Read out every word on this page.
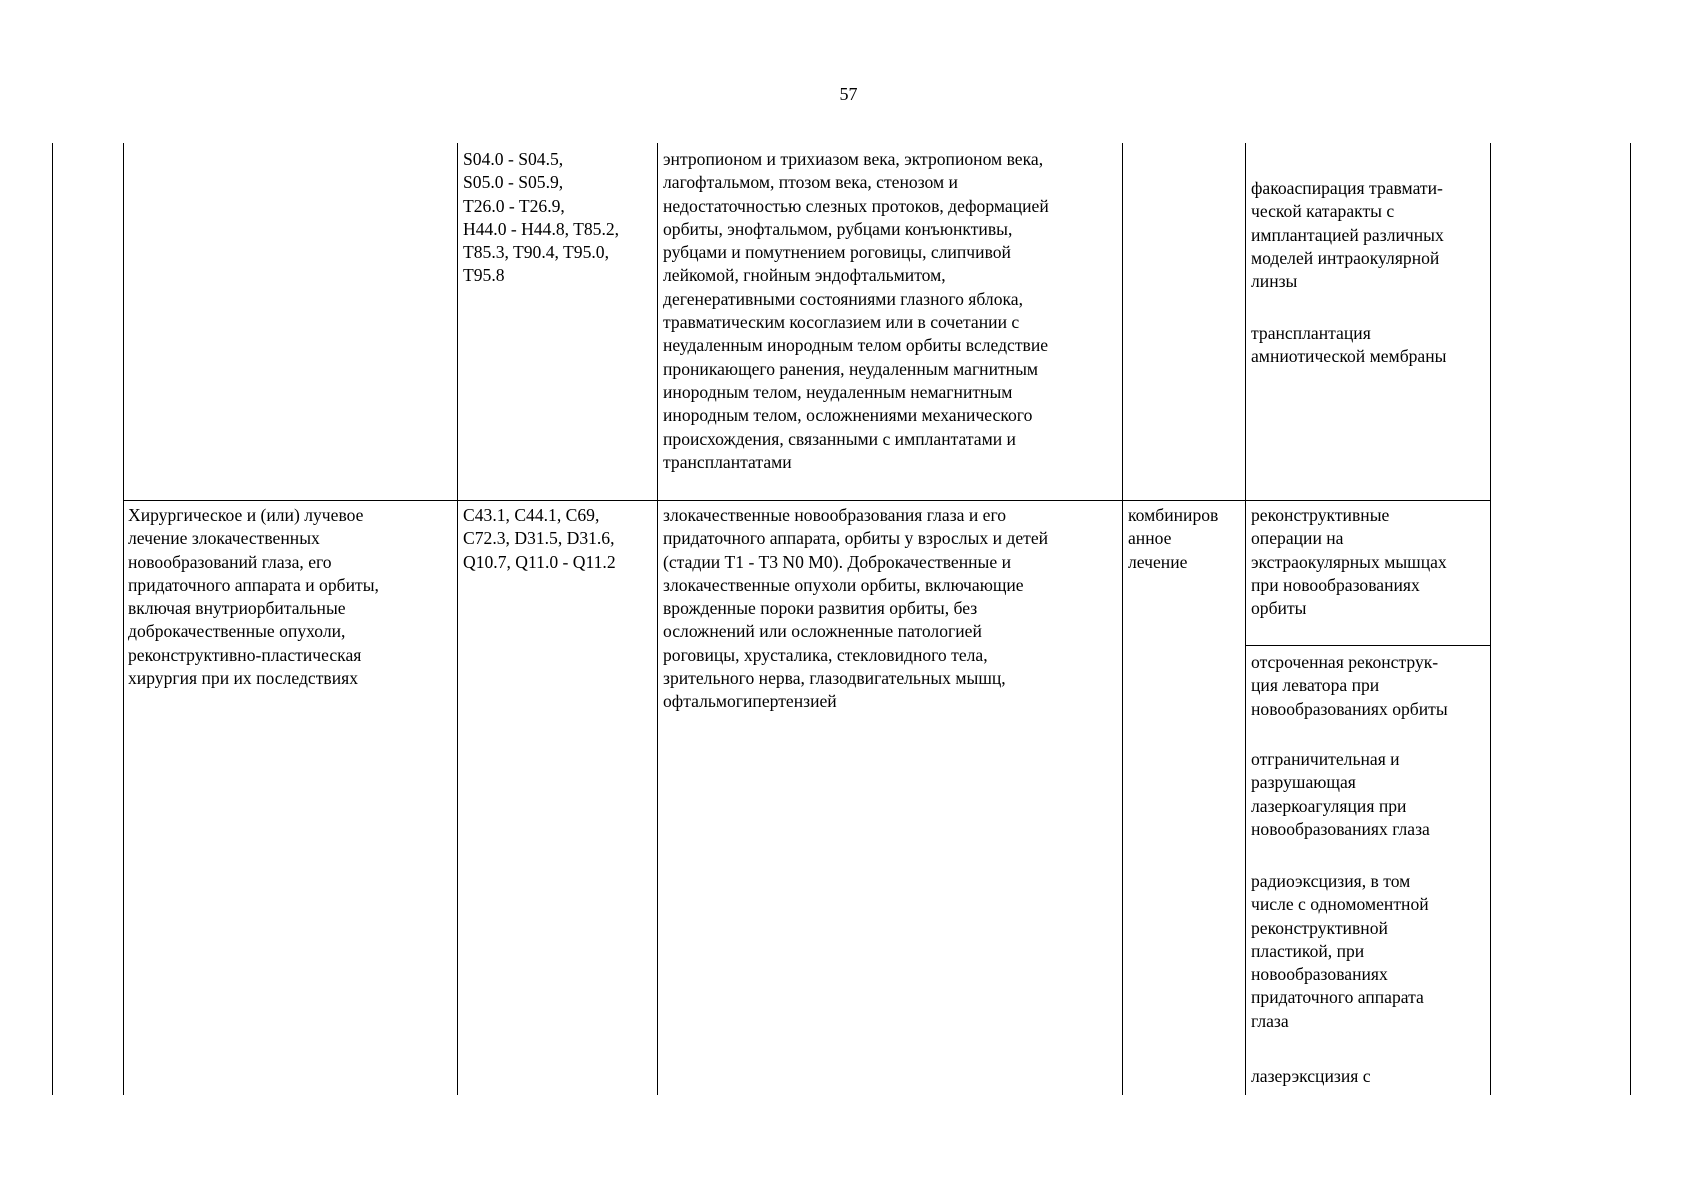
57
S04.0 - S04.5,
S05.0 - S05.9,
T26.0 - T26.9,
H44.0 - H44.8, T85.2,
T85.3, T90.4, T95.0,
T95.8
энтропионом и трихиазом века, эктропионом века,
лагофтальмом, птозом века, стенозом и
недостаточностью слезных протоков, деформацией
орбиты, энофтальмом, рубцами конъюнктивы,
рубцами и помутнением роговицы, слипчивой
лейкомой, гнойным эндофтальмитом,
дегенеративными состояниями глазного яблока,
травматическим косоглазием или в сочетании с
неудаленным инородным телом орбиты вследствие
проникающего ранения, неудаленным магнитным
инородным телом, неудаленным немагнитным
инородным телом, осложнениями механического
происхождения, связанными с имплантатами и
трансплантатами
факоаспирация травмати-
ческой катаракты с
имплантацией различных
моделей интраокулярной
линзы
трансплантация
амниотической мембраны
Хирургическое и (или) лучевое
лечение злокачественных
новообразований глаза, его
придаточного аппарата и орбиты,
включая внутриорбитальные
доброкачественные опухоли,
реконструктивно-пластическая
хирургия при их последствиях
C43.1, C44.1, C69,
C72.3, D31.5, D31.6,
Q10.7, Q11.0 - Q11.2
злокачественные новообразования глаза и его
придаточного аппарата, орбиты у взрослых и детей
(стадии T1 - T3 N0 M0). Доброкачественные и
злокачественные опухоли орбиты, включающие
врожденные пороки развития орбиты, без
осложнений или осложненные патологией
роговицы, хрусталика, стекловидного тела,
зрительного нерва, глазодвигательных мышц,
офтальмогипертензией
комбиниров
анное
лечение
реконструктивные
операции на
экстраокулярных мышцах
при новообразованиях
орбиты
отсроченная реконструк-
ция леватора при
новообразованиях орбиты
отграничительная и
разрушающая
лазеркоагуляция при
новообразованиях глаза
радиоэксцизия, в том
числе с одномоментной
реконструктивной
пластикой, при
новообразованиях
придаточного аппарата
глаза
лазерэксцизия с
